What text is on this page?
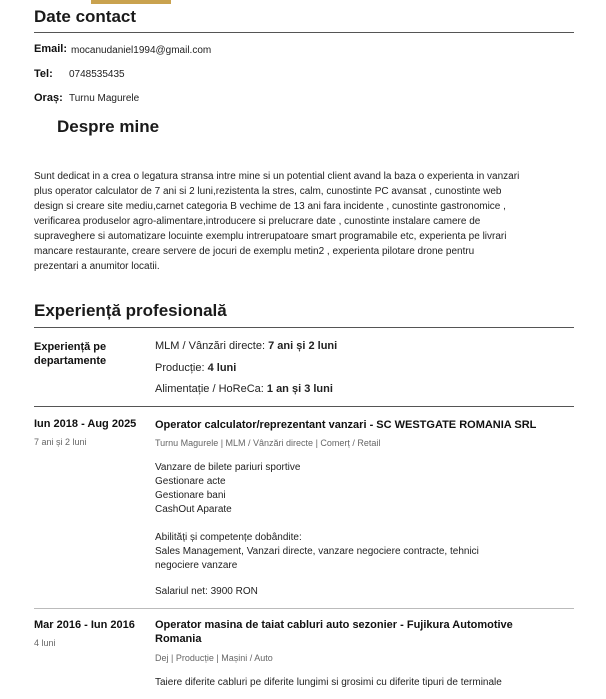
Date contact
Email: mocanudaniel1994@gmail.com
Tel: 0748535435
Oraș: Turnu Magurele
Despre mine
Sunt dedicat in a crea o legatura stransa intre mine si un potential client avand la baza o experienta in vanzari
plus operator calculator de 7 ani si 2 luni,rezistenta la stres, calm, cunostinte PC avansat , cunostinte web
design si creare site mediu,carnet categoria B vechime de 13 ani fara incidente , cunostinte gastronomice ,
verificarea produselor agro-alimentare,introducere si prelucrare date , cunostinte instalare camere de
supraveghere si automatizare locuinte exemplu intrerupatoare smart programabile etc, experienta pe livrari
mancare restaurante, creare servere de jocuri de exemplu metin2 , experienta pilotare drone pentru
prezentari a anumitor locatii.
Experiență profesională
Experiență pe
departamente
MLM / Vânzări directe: 7 ani și 2 luni
Producție: 4 luni
Alimentație / HoReCa: 1 an și 3 luni
Iun 2018 - Aug 2025
7 ani și 2 luni
Operator calculator/reprezentant vanzari - SC WESTGATE ROMANIA SRL
Turnu Magurele | MLM / Vânzări directe | Comerț / Retail
Vanzare de bilete pariuri sportive
Gestionare acte
Gestionare bani
CashOut Aparate
Abilități și competențe dobândite:
Sales Management, Vanzari directe, vanzare negociere contracte, tehnici
negociere vanzare
Salariul net: 3900 RON
Mar 2016 - Iun 2016
4 luni
Operator masina de taiat cabluri auto sezonier - Fujikura Automotive
Romania
Dej | Producție | Mașini / Auto
Taiere diferite cabluri pe diferite lungimi si grosimi cu diferite tipuri de terminale
